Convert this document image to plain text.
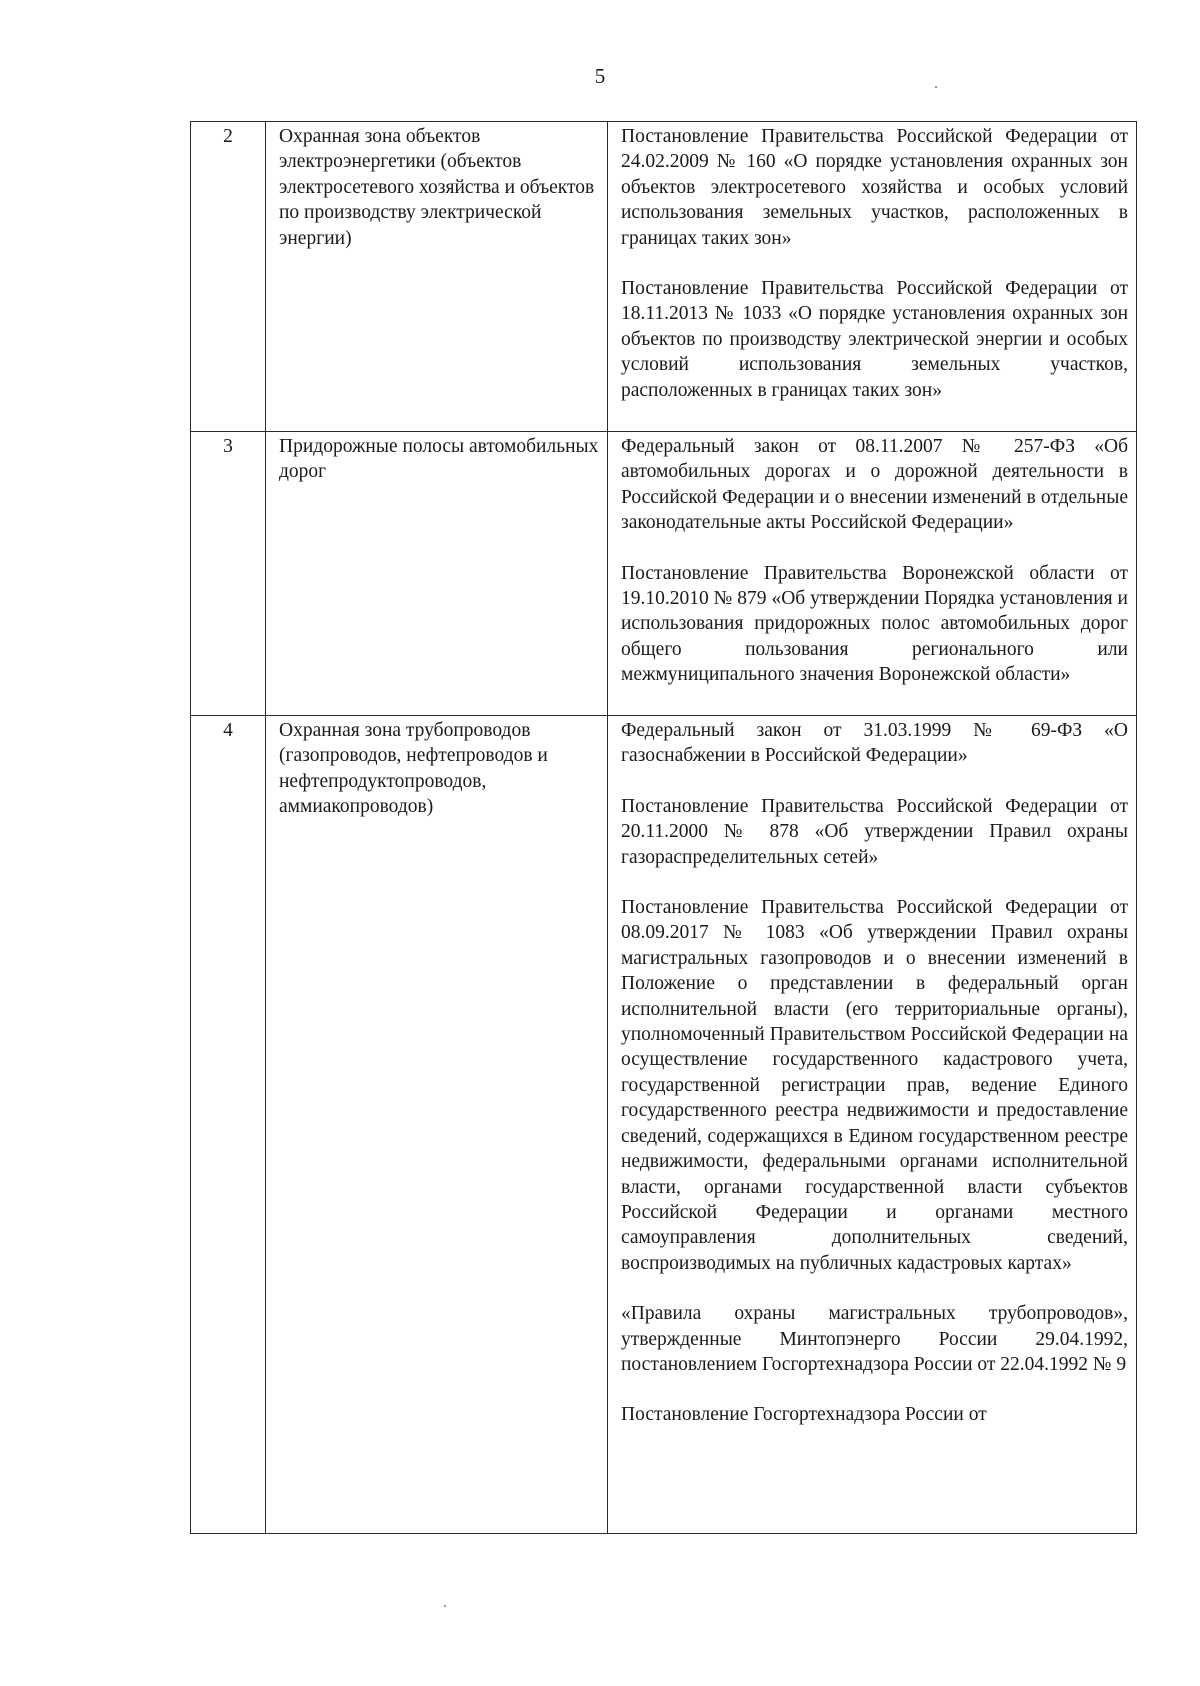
5
2	Охранная зона объектов электроэнергетики (объектов электросетевого хозяйства и объектов по производству электрической энергии)	Постановление Правительства Российской Федерации от 24.02.2009 № 160 «О порядке установления охранных зон объектов электросетевого хозяйства и особых условий использования земельных участков, расположенных в границах таких зон»

Постановление Правительства Российской Федерации от 18.11.2013 № 1033 «О порядке установления охранных зон объектов по производству электрической энергии и особых условий использования земельных участков, расположенных в границах таких зон»

3	Придорожные полосы автомобильных дорог	Федеральный закон от 08.11.2007 № 257-ФЗ «Об автомобильных дорогах и о дорожной деятельности в Российской Федерации и о внесении изменений в отдельные законодательные акты Российской Федерации»

Постановление Правительства Воронежской области от 19.10.2010 № 879 «Об утверждении Порядка установления и использования придорожных полос автомобильных дорог общего пользования регионального или межмуниципального значения Воронежской области»

4	Охранная зона трубопроводов (газопроводов, нефтепроводов и нефтепродуктопроводов, аммиакопроводов)	Федеральный закон от 31.03.1999 № 69-ФЗ «О газоснабжении в Российской Федерации»

Постановление Правительства Российской Федерации от 20.11.2000 № 878 «Об утверждении Правил охраны газораспределительных сетей»

Постановление Правительства Российской Федерации от 08.09.2017 № 1083 «Об утверждении Правил охраны магистральных газопроводов и о внесении изменений в Положение о представлении в федеральный орган исполнительной власти (его территориальные органы), уполномоченный Правительством Российской Федерации на осуществление государственного кадастрового учета, государственной регистрации прав, ведение Единого государственного реестра недвижимости и предоставление сведений, содержащихся в Едином государственном реестре недвижимости, федеральными органами исполнительной власти, органами государственной власти субъектов Российской Федерации и органами местного самоуправления дополнительных сведений, воспроизводимых на публичных кадастровых картах»

«Правила охраны магистральных трубопроводов», утвержденные Минтопэнерго России 29.04.1992, постановлением Госгортехнадзора России от 22.04.1992 № 9

Постановление Госгортехнадзора России от
